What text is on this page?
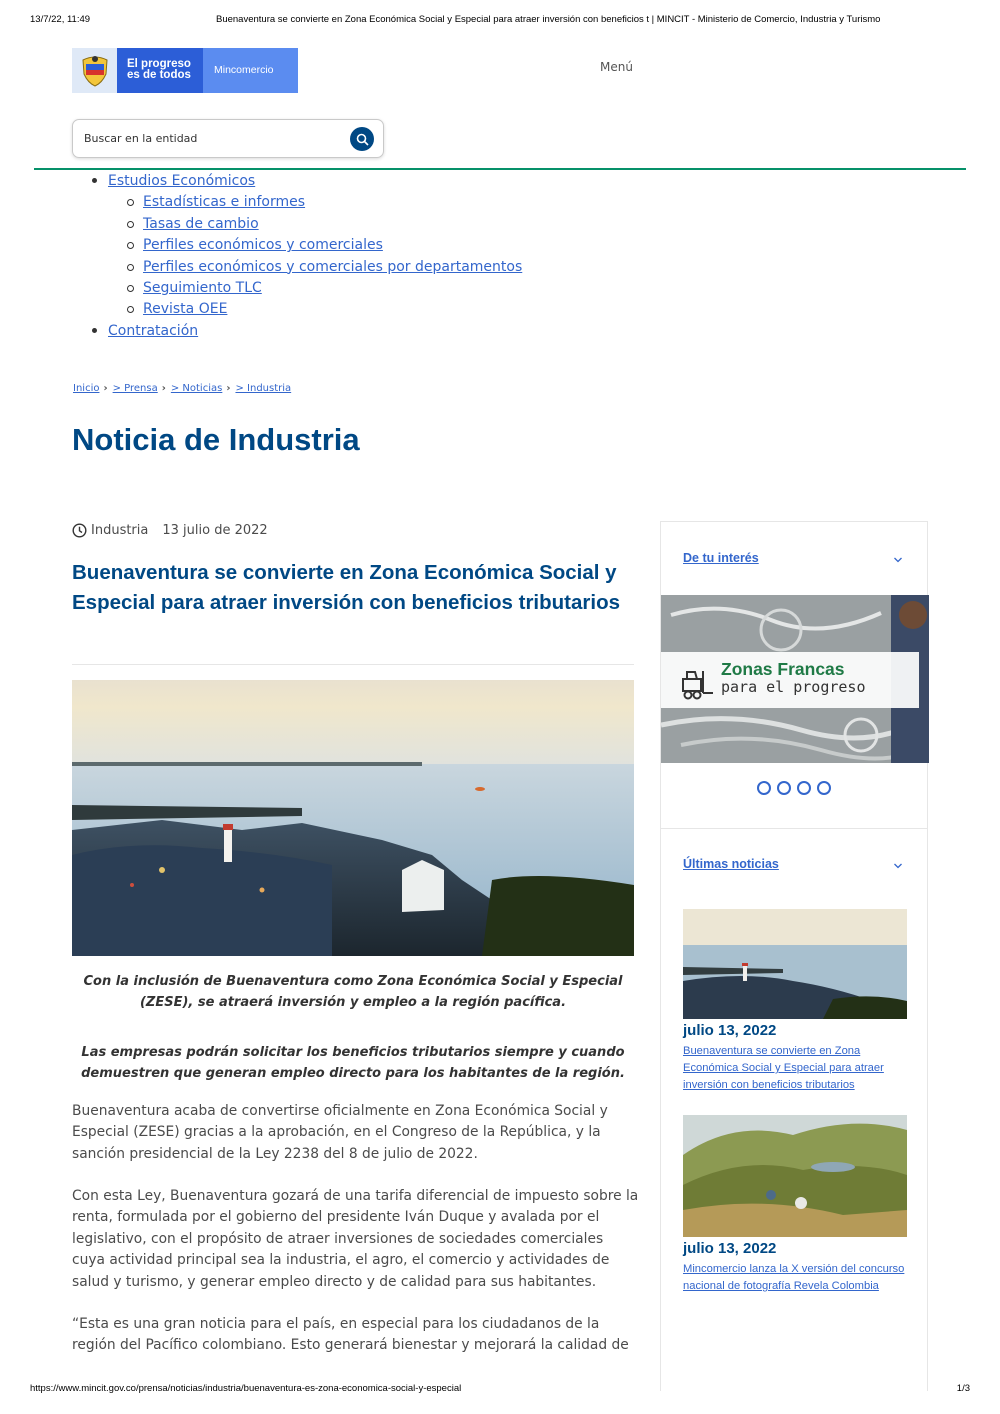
13/7/22, 11:49	Buenaventura se convierte en Zona Económica Social y Especial para atraer inversión con beneficios t | MINCIT - Ministerio de Comercio, Industria y Turismo
El progreso
es de todos	Mincomercio	Menú
Buscar en la entidad
Estudios Económicos
Estadísticas e informes
Tasas de cambio
Perfiles económicos y comerciales
Perfiles económicos y comerciales por departamentos
Seguimiento TLC
Revista OEE
Contratación
Inicio › > Prensa › > Noticias › > Industria
Noticia de Industria
Industria 13 julio de 2022
Buenaventura se convierte en Zona Económica Social y Especial para atraer inversión con beneficios tributarios

Con la inclusión de Buenaventura como Zona Económica Social y Especial (ZESE), se atraerá inversión y empleo a la región pacífica.

Las empresas podrán solicitar los beneficios tributarios siempre y cuando demuestren que generan empleo directo para los habitantes de la región.

Buenaventura acaba de convertirse oficialmente en Zona Económica Social y Especial (ZESE) gracias a la aprobación, en el Congreso de la República, y la sanción presidencial de la Ley 2238 del 8 de julio de 2022.

Con esta Ley, Buenaventura gozará de una tarifa diferencial de impuesto sobre la renta, formulada por el gobierno del presidente Iván Duque y avalada por el legislativo, con el propósito de atraer inversiones de sociedades comerciales cuya actividad principal sea la industria, el agro, el comercio y actividades de salud y turismo, y generar empleo directo y de calidad para sus habitantes.

“Esta es una gran noticia para el país, en especial para los ciudadanos de la región del Pacífico colombiano. Esto generará bienestar y mejorará la calidad de

De tu interés
Zonas Francas
para el progreso
Últimas noticias
julio 13, 2022
Buenaventura se convierte en Zona Económica Social y Especial para atraer inversión con beneficios tributarios
julio 13, 2022
Mincomercio lanza la X versión del concurso nacional de fotografía Revela Colombia
https://www.mincit.gov.co/prensa/noticias/industria/buenaventura-es-zona-economica-social-y-especial	1/3
